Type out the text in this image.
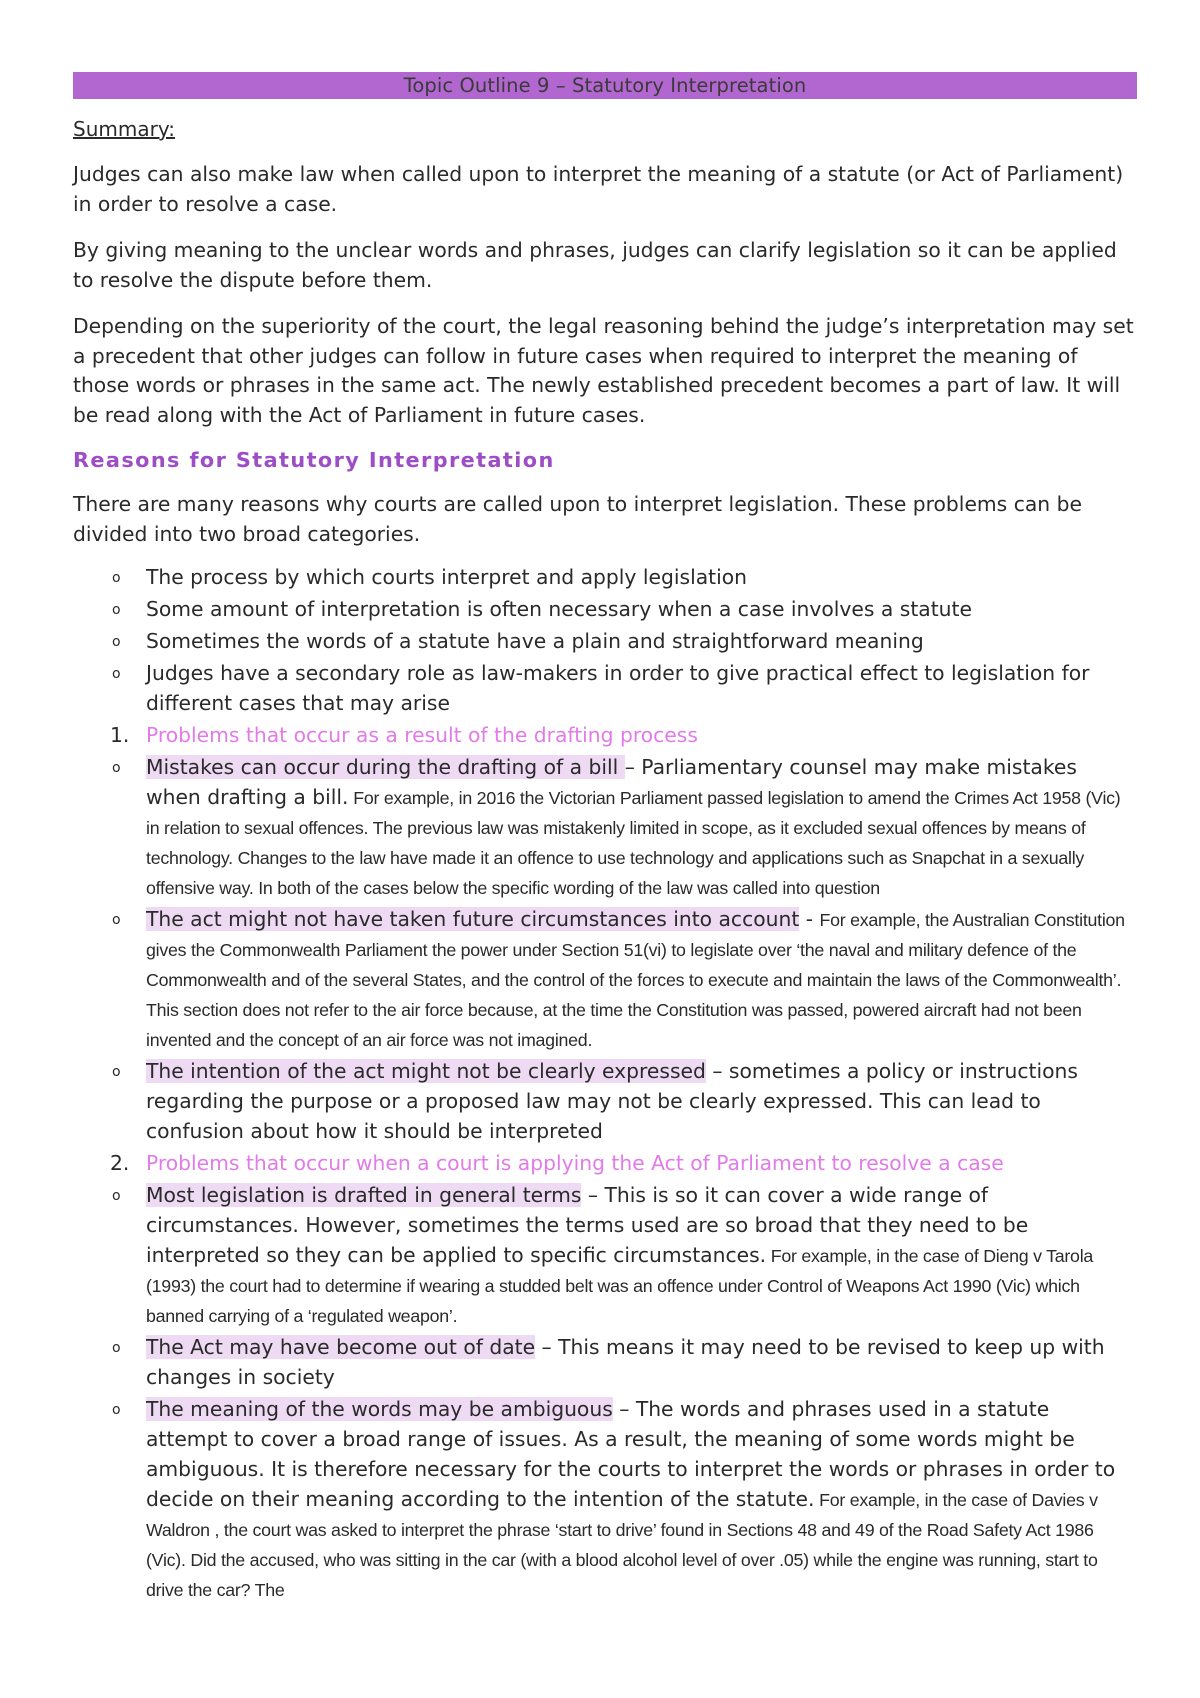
Topic Outline 9 – Statutory Interpretation
Summary:
Judges can also make law when called upon to interpret the meaning of a statute (or Act of Parliament) in order to resolve a case.
By giving meaning to the unclear words and phrases, judges can clarify legislation so it can be applied to resolve the dispute before them.
Depending on the superiority of the court, the legal reasoning behind the judge’s interpretation may set a precedent that other judges can follow in future cases when required to interpret the meaning of those words or phrases in the same act. The newly established precedent becomes a part of law. It will be read along with the Act of Parliament in future cases.
Reasons for Statutory Interpretation
There are many reasons why courts are called upon to interpret legislation. These problems can be divided into two broad categories.
o The process by which courts interpret and apply legislation
o Some amount of interpretation is often necessary when a case involves a statute
o Sometimes the words of a statute have a plain and straightforward meaning
o Judges have a secondary role as law-makers in order to give practical effect to legislation for different cases that may arise
1. Problems that occur as a result of the drafting process
o Mistakes can occur during the drafting of a bill – Parliamentary counsel may make mistakes when drafting a bill. For example, in 2016 the Victorian Parliament passed legislation to amend the Crimes Act 1958 (Vic) in relation to sexual offences. The previous law was mistakenly limited in scope, as it excluded sexual offences by means of technology. Changes to the law have made it an offence to use technology and applications such as Snapchat in a sexually offensive way. In both of the cases below the specific wording of the law was called into question
o The act might not have taken future circumstances into account - For example, the Australian Constitution gives the Commonwealth Parliament the power under Section 51(vi) to legislate over ‘the naval and military defence of the Commonwealth and of the several States, and the control of the forces to execute and maintain the laws of the Commonwealth’. This section does not refer to the air force because, at the time the Constitution was passed, powered aircraft had not been invented and the concept of an air force was not imagined.
o The intention of the act might not be clearly expressed – sometimes a policy or instructions regarding the purpose or a proposed law may not be clearly expressed. This can lead to confusion about how it should be interpreted
2. Problems that occur when a court is applying the Act of Parliament to resolve a case
o Most legislation is drafted in general terms – This is so it can cover a wide range of circumstances. However, sometimes the terms used are so broad that they need to be interpreted so they can be applied to specific circumstances. For example, in the case of Dieng v Tarola (1993) the court had to determine if wearing a studded belt was an offence under Control of Weapons Act 1990 (Vic) which banned carrying of a ‘regulated weapon’.
o The Act may have become out of date – This means it may need to be revised to keep up with changes in society
o The meaning of the words may be ambiguous – The words and phrases used in a statute attempt to cover a broad range of issues. As a result, the meaning of some words might be ambiguous. It is therefore necessary for the courts to interpret the words or phrases in order to decide on their meaning according to the intention of the statute. For example, in the case of Davies v Waldron , the court was asked to interpret the phrase ‘start to drive’ found in Sections 48 and 49 of the Road Safety Act 1986 (Vic). Did the accused, who was sitting in the car (with a blood alcohol level of over .05) while the engine was running, start to drive the car? The
